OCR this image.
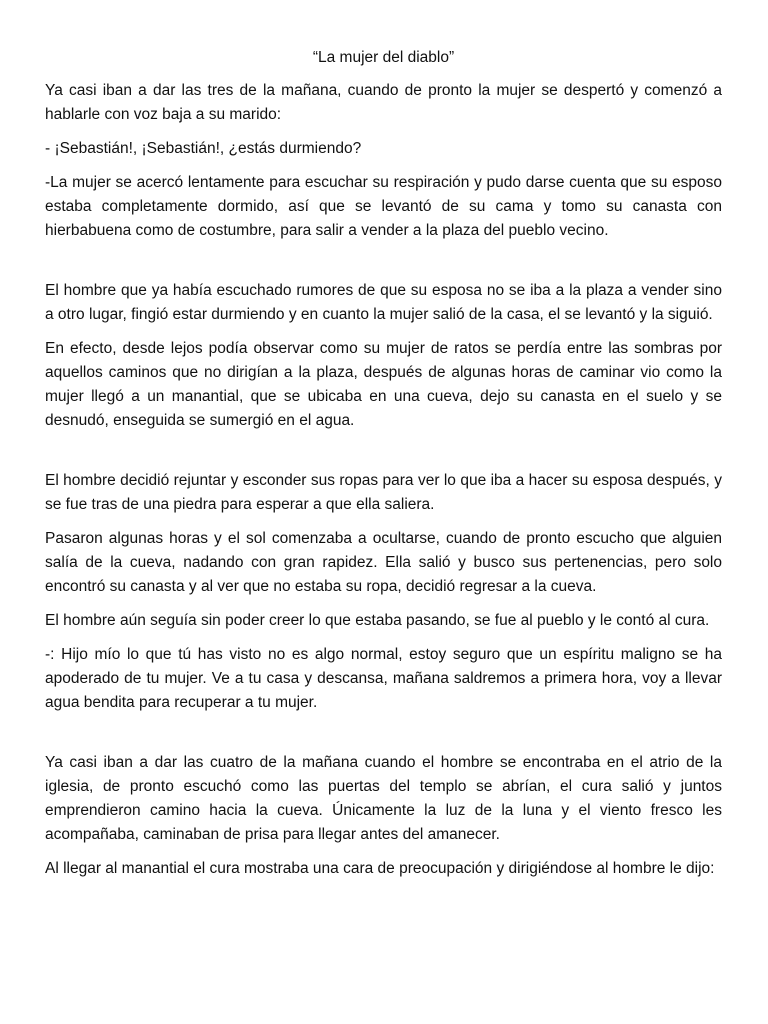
“La mujer del diablo”

Ya casi iban a dar las tres de la mañana, cuando de pronto la mujer se despertó y comenzó a hablarle con voz baja a su marido:

- ¡Sebastián!, ¡Sebastián!, ¿estás durmiendo?

-La mujer se acercó lentamente para escuchar su respiración y pudo darse cuenta que su esposo estaba completamente dormido, así que se levantó de su cama y tomo su canasta con hierbabuena como de costumbre, para salir a vender a la plaza del pueblo vecino.

El hombre que ya había escuchado rumores de que su esposa no se iba a la plaza a vender sino a otro lugar, fingió estar durmiendo y en cuanto la mujer salió de la casa, el se levantó y la siguió.

En efecto, desde lejos podía observar como su mujer de ratos se perdía entre las sombras por aquellos caminos que no dirigían a la plaza, después de algunas horas de caminar vio como la mujer llegó a un manantial, que se ubicaba en una cueva, dejo su canasta en el suelo y se desnudó, enseguida se sumergió en el agua.

El hombre decidió rejuntar y esconder sus ropas para ver lo que iba a hacer su esposa después, y se fue tras de una piedra para esperar a que ella saliera.

Pasaron algunas horas y el sol comenzaba a ocultarse, cuando de pronto escucho que alguien salía de la cueva, nadando con gran rapidez. Ella salió y busco sus pertenencias, pero solo encontró su canasta y al ver que no estaba su ropa, decidió regresar a la cueva.

El hombre aún seguía sin poder creer lo que estaba pasando, se fue al pueblo y le contó al cura.

-: Hijo mío lo que tú has visto no es algo normal, estoy seguro que un espíritu maligno se ha apoderado de tu mujer. Ve a tu casa y descansa, mañana saldremos a primera hora, voy a llevar agua bendita para recuperar a tu mujer.

Ya casi iban a dar las cuatro de la mañana cuando el hombre se encontraba en el atrio de la iglesia, de pronto escuchó como las puertas del templo se abrían, el cura salió y juntos emprendieron camino hacia la cueva. Únicamente la luz de la luna y el viento fresco les acompañaba, caminaban de prisa para llegar antes del amanecer.

Al llegar al manantial el cura mostraba una cara de preocupación y dirigiéndose al hombre le dijo:
